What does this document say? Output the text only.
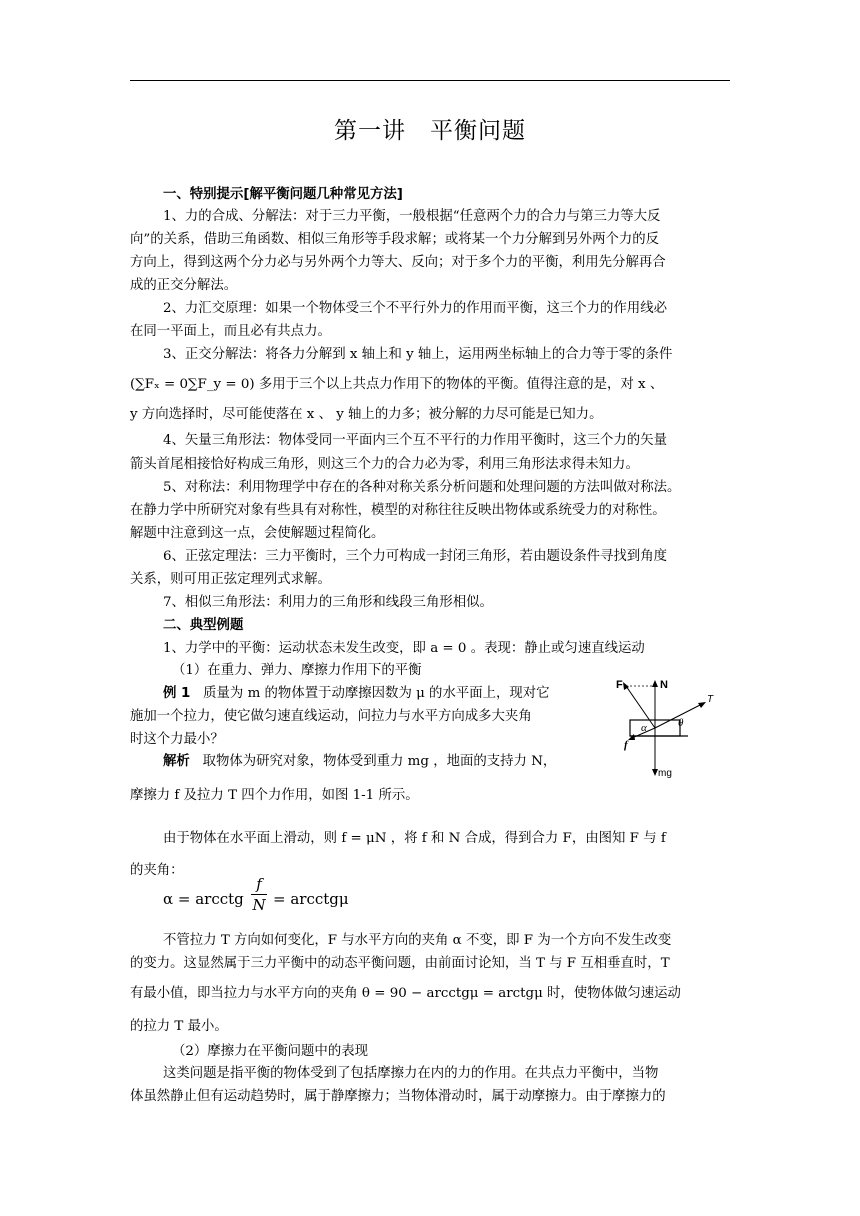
第一讲　平衡问题
一、特别提示[解平衡问题几种常见方法]
1、力的合成、分解法：对于三力平衡，一般根据“任意两个力的合力与第三力等大反
向”的关系，借助三角函数、相似三角形等手段求解；或将某一个力分解到另外两个力的反
方向上，得到这两个分力必与另外两个力等大、反向；对于多个力的平衡，利用先分解再合
成的正交分解法。
2、力汇交原理：如果一个物体受三个不平行外力的作用而平衡，这三个力的作用线必
在同一平面上，而且必有共点力。
3、正交分解法：将各力分解到 x 轴上和 y 轴上，运用两坐标轴上的合力等于零的条件
(∑Fₓ = 0∑F_y = 0) 多用于三个以上共点力作用下的物体的平衡。值得注意的是，对 x 、
y 方向选择时，尽可能使落在 x 、 y 轴上的力多；被分解的力尽可能是已知力。
4、矢量三角形法：物体受同一平面内三个互不平行的力作用平衡时，这三个力的矢量
箭头首尾相接恰好构成三角形，则这三个力的合力必为零，利用三角形法求得未知力。
5、对称法：利用物理学中存在的各种对称关系分析问题和处理问题的方法叫做对称法。
在静力学中所研究对象有些具有对称性，模型的对称往往反映出物体或系统受力的对称性。
解题中注意到这一点，会使解题过程简化。
6、正弦定理法：三力平衡时，三个力可构成一封闭三角形，若由题设条件寻找到角度
关系，则可用正弦定理列式求解。
7、相似三角形法：利用力的三角形和线段三角形相似。
二、典型例题
1、力学中的平衡：运动状态未发生改变，即 a = 0 。表现：静止或匀速直线运动
（1）在重力、弹力、摩擦力作用下的平衡
例 1 质量为 m 的物体置于动摩擦因数为 μ 的水平面上，现对它
施加一个拉力，使它做匀速直线运动，问拉力与水平方向成多大夹角
时这个力最小？
解析 取物体为研究对象，物体受到重力 mg ，地面的支持力 N，
摩擦力 f 及拉力 T 四个力作用，如图 1-1 所示。
F	N
T
α	θ
f
mg
由于物体在水平面上滑动，则 f = μN ，将 f 和 N 合成，得到合力 F，由图知 F 与 f
的夹角：
α = arcctg $\frac{f}{N}$ = arcctgμ
不管拉力 T 方向如何变化，F 与水平方向的夹角 α 不变，即 F 为一个方向不发生改变
的变力。这显然属于三力平衡中的动态平衡问题，由前面讨论知，当 T 与 F 互相垂直时，T
有最小值，即当拉力与水平方向的夹角 θ = 90 − arcctgμ = arctgμ 时，使物体做匀速运动
的拉力 T 最小。
（2）摩擦力在平衡问题中的表现
这类问题是指平衡的物体受到了包括摩擦力在内的力的作用。在共点力平衡中，当物
体虽然静止但有运动趋势时，属于静摩擦力；当物体滑动时，属于动摩擦力。由于摩擦力的
